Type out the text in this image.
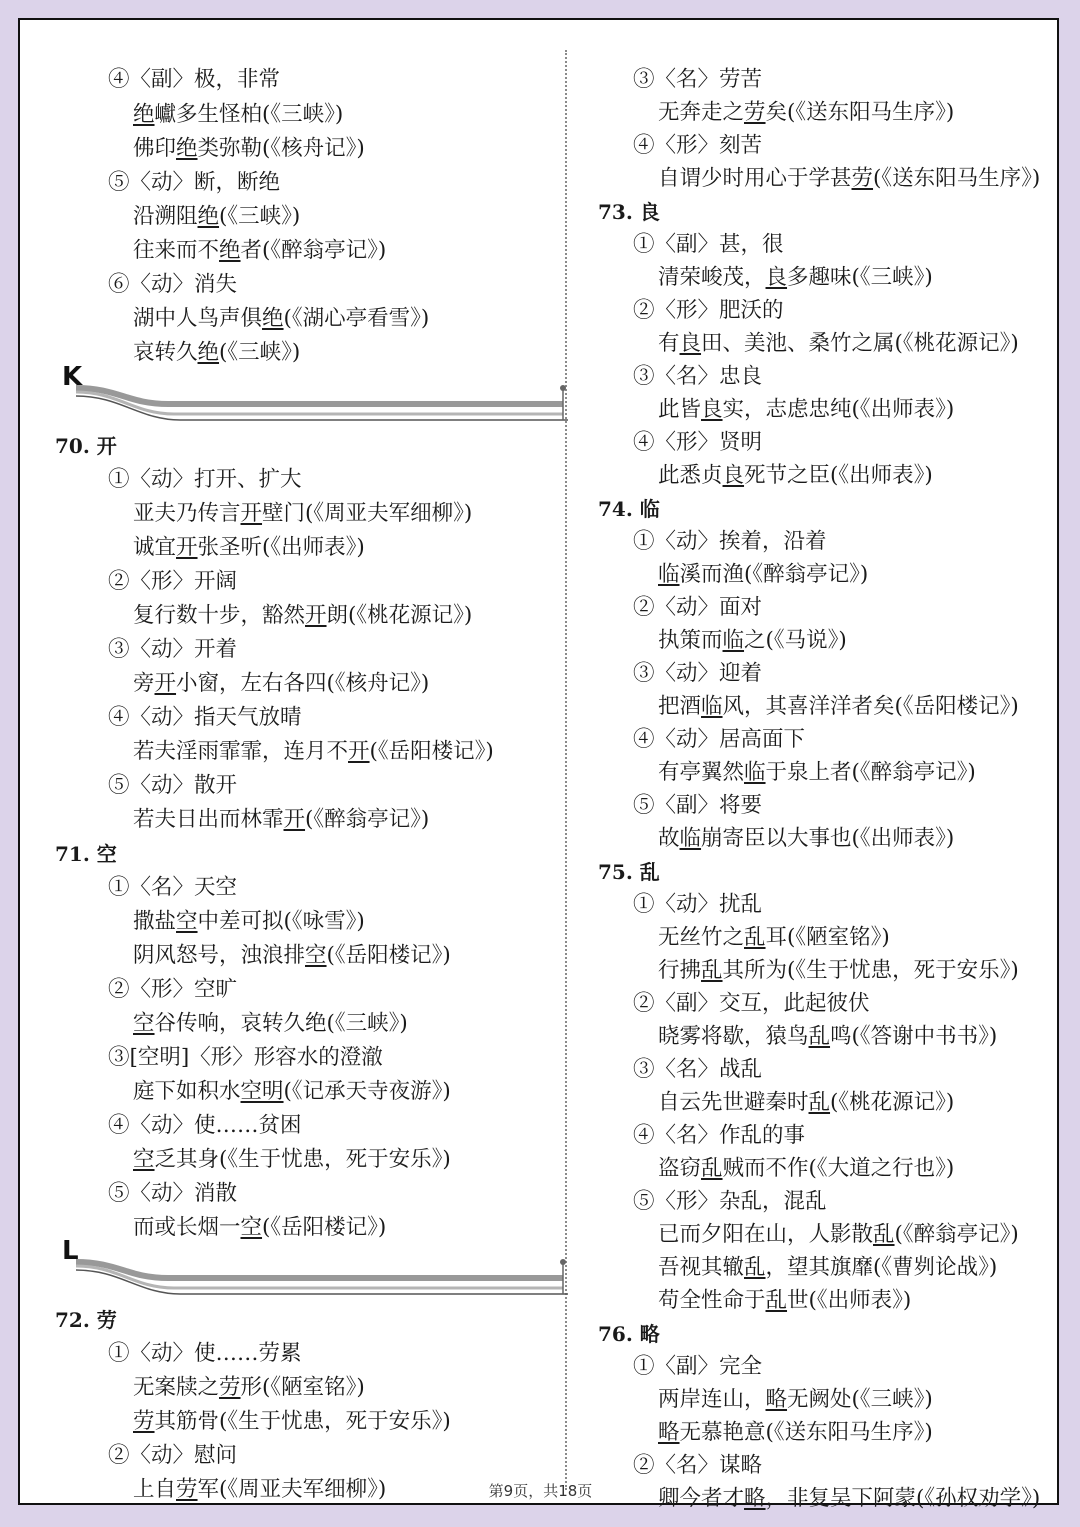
④〈副〉极，非常
绝巘多生怪柏(《三峡》)
佛印绝类弥勒(《核舟记》)
⑤〈动〉断，断绝
沿溯阻绝(《三峡》)
往来而不绝者(《醉翁亭记》)
⑥〈动〉消失
湖中人鸟声俱绝(《湖心亭看雪》)
哀转久绝(《三峡》)
70. 开
①〈动〉打开、扩大
亚夫乃传言开壁门(《周亚夫军细柳》)
诚宜开张圣听(《出师表》)
②〈形〉开阔
复行数十步，豁然开朗(《桃花源记》)
③〈动〉开着
旁开小窗，左右各四(《核舟记》)
④〈动〉指天气放晴
若夫淫雨霏霏，连月不开(《岳阳楼记》)
⑤〈动〉散开
若夫日出而林霏开(《醉翁亭记》)
71. 空
①〈名〉天空
撒盐空中差可拟(《咏雪》)
阴风怒号，浊浪排空(《岳阳楼记》)
②〈形〉空旷
空谷传响，哀转久绝(《三峡》)
③[空明]〈形〉形容水的澄澈
庭下如积水空明(《记承天寺夜游》)
④〈动〉使……贫困
空乏其身(《生于忧患，死于安乐》)
⑤〈动〉消散
而或长烟一空(《岳阳楼记》)
72. 劳
①〈动〉使……劳累
无案牍之劳形(《陋室铭》)
劳其筋骨(《生于忧患，死于安乐》)
②〈动〉慰问
上自劳军(《周亚夫军细柳》)
③〈名〉劳苦
无奔走之劳矣(《送东阳马生序》)
④〈形〉刻苦
自谓少时用心于学甚劳(《送东阳马生序》)
73. 良
①〈副〉甚，很
清荣峻茂，良多趣味(《三峡》)
②〈形〉肥沃的
有良田、美池、桑竹之属(《桃花源记》)
③〈名〉忠良
此皆良实，志虑忠纯(《出师表》)
④〈形〉贤明
此悉贞良死节之臣(《出师表》)
74. 临
①〈动〉挨着，沿着
临溪而渔(《醉翁亭记》)
②〈动〉面对
执策而临之(《马说》)
③〈动〉迎着
把酒临风，其喜洋洋者矣(《岳阳楼记》)
④〈动〉居高面下
有亭翼然临于泉上者(《醉翁亭记》)
⑤〈副〉将要
故临崩寄臣以大事也(《出师表》)
75. 乱
①〈动〉扰乱
无丝竹之乱耳(《陋室铭》)
行拂乱其所为(《生于忧患，死于安乐》)
②〈副〉交互，此起彼伏
晓雾将歇，猿鸟乱鸣(《答谢中书书》)
③〈名〉战乱
自云先世避秦时乱(《桃花源记》)
④〈名〉作乱的事
盗窃乱贼而不作(《大道之行也》)
⑤〈形〉杂乱，混乱
已而夕阳在山，人影散乱(《醉翁亭记》)
吾视其辙乱，望其旗靡(《曹刿论战》)
苟全性命于乱世(《出师表》)
76. 略
①〈副〉完全
两岸连山，略无阙处(《三峡》)
略无慕艳意(《送东阳马生序》)
②〈名〉谋略
卿今者才略，非复吴下阿蒙(《孙权劝学》)
K
L
第9页，共18页
